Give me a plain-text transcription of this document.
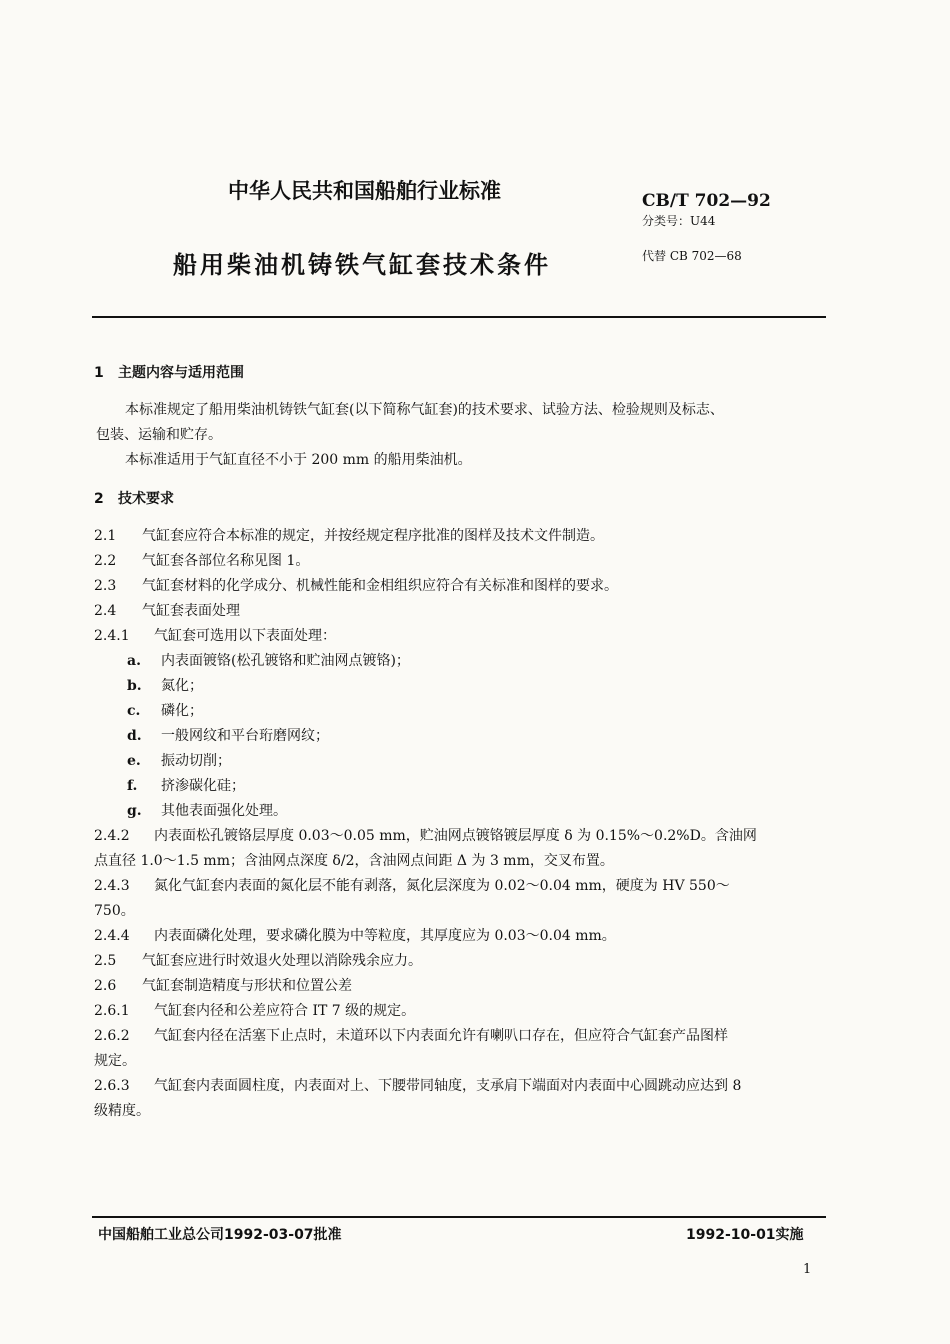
中华人民共和国船舶行业标准	CB/T 702—92
分类号：U44
船用柴油机铸铁气缸套技术条件	代替 CB 702—68
1 主题内容与适用范围
本标准规定了船用柴油机铸铁气缸套(以下简称气缸套)的技术要求、试验方法、检验规则及标志、
包装、运输和贮存。
本标准适用于气缸直径不小于 200 mm 的船用柴油机。
2 技术要求
2.1 气缸套应符合本标准的规定，并按经规定程序批准的图样及技术文件制造。
2.2 气缸套各部位名称见图 1。
2.3 气缸套材料的化学成分、机械性能和金相组织应符合有关标准和图样的要求。
2.4 气缸套表面处理
2.4.1 气缸套可选用以下表面处理：
a. 内表面镀铬(松孔镀铬和贮油网点镀铬)；
b. 氮化；
c. 磷化；
d. 一般网纹和平台珩磨网纹；
e. 振动切削；
f. 挤渗碳化硅；
g. 其他表面强化处理。
2.4.2 内表面松孔镀铬层厚度 0.03～0.05 mm，贮油网点镀铬镀层厚度 δ 为 0.15%～0.2%D。含油网
点直径 1.0～1.5 mm；含油网点深度 δ/2，含油网点间距 Δ 为 3 mm，交叉布置。
2.4.3 氮化气缸套内表面的氮化层不能有剥落，氮化层深度为 0.02～0.04 mm，硬度为 HV 550～
750。
2.4.4 内表面磷化处理，要求磷化膜为中等粒度，其厚度应为 0.03～0.04 mm。
2.5 气缸套应进行时效退火处理以消除残余应力。
2.6 气缸套制造精度与形状和位置公差
2.6.1 气缸套内径和公差应符合 IT 7 级的规定。
2.6.2 气缸套内径在活塞下止点时，未道环以下内表面允许有喇叭口存在，但应符合气缸套产品图样
规定。
2.6.3 气缸套内表面圆柱度，内表面对上、下腰带同轴度，支承肩下端面对内表面中心圆跳动应达到 8
级精度。
中国船舶工业总公司1992-03-07批准	1992-10-01实施
1
